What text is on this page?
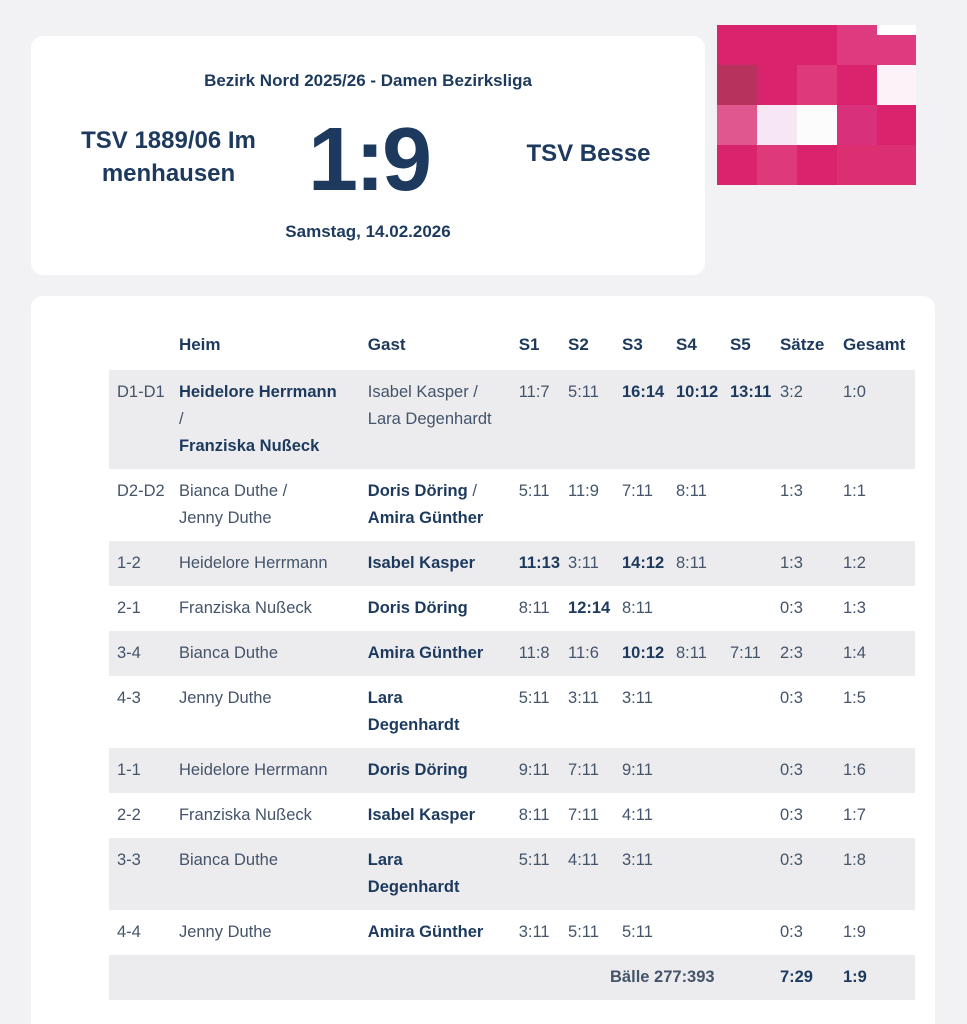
Bezirk Nord 2025/26 - Damen Bezirksliga
TSV 1889/06 Im
menhausen 1:9	TSV Besse
Samstag, 14.02.2026
	Heim	Gast	S1	S2	S3	S4	S5	Sätze	Gesamt
D1-D1	Heidelore Herrmann
/
Franziska Nußeck	Isabel Kasper /
Lara Degenhardt	11:7	5:11	16:14	10:12	13:11	3:2	1:0
D2-D2	Bianca Duthe /
Jenny Duthe	Doris Döring /
Amira Günther	5:11	11:9	7:11	8:11		1:3	1:1
1-2	Heidelore Herrmann	Isabel Kasper	11:13	3:11	14:12	8:11		1:3	1:2
2-1	Franziska Nußeck	Doris Döring	8:11	12:14	8:11			0:3	1:3
3-4	Bianca Duthe	Amira Günther	11:8	11:6	10:12	8:11	7:11	2:3	1:4
4-3	Jenny Duthe	Lara
Degenhardt	5:11	3:11	3:11			0:3	1:5
1-1	Heidelore Herrmann	Doris Döring	9:11	7:11	9:11			0:3	1:6
2-2	Franziska Nußeck	Isabel Kasper	8:11	7:11	4:11			0:3	1:7
3-3	Bianca Duthe	Lara
Degenhardt	5:11	4:11	3:11			0:3	1:8
4-4	Jenny Duthe	Amira Günther	3:11	5:11	5:11			0:3	1:9
				Bälle 277:393				7:29	1:9
